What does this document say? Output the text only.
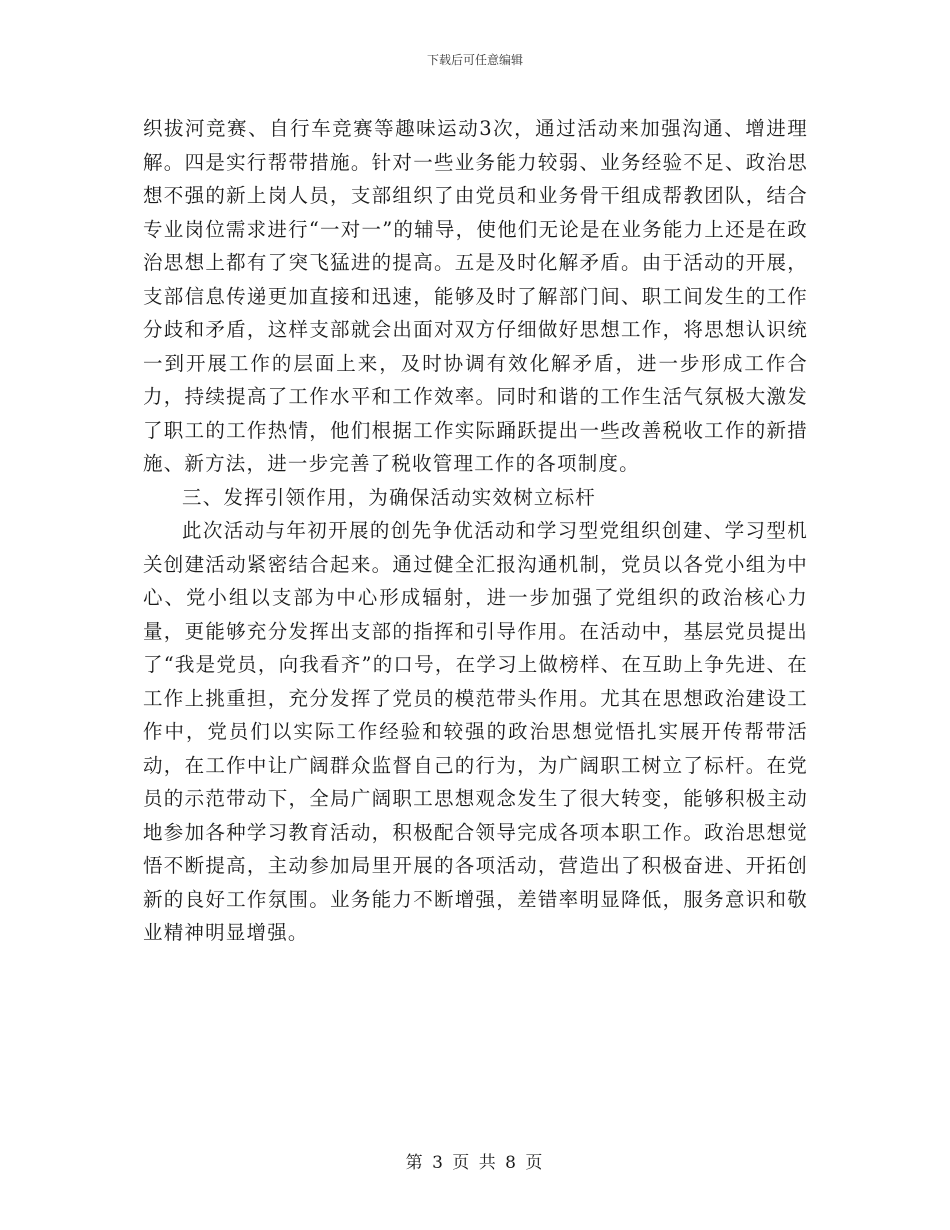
下载后可任意编辑

织拔河竞赛、自行车竞赛等趣味运动3次，通过活动来加强沟通、增进理解。四是实行帮带措施。针对一些业务能力较弱、业务经验不足、政治思想不强的新上岗人员，支部组织了由党员和业务骨干组成帮教团队，结合专业岗位需求进行“一对一”的辅导，使他们无论是在业务能力上还是在政治思想上都有了突飞猛进的提高。五是及时化解矛盾。由于活动的开展，支部信息传递更加直接和迅速，能够及时了解部门间、职工间发生的工作分歧和矛盾，这样支部就会出面对双方仔细做好思想工作，将思想认识统一到开展工作的层面上来，及时协调有效化解矛盾，进一步形成工作合力，持续提高了工作水平和工作效率。同时和谐的工作生活气氛极大激发了职工的工作热情，他们根据工作实际踊跃提出一些改善税收工作的新措施、新方法，进一步完善了税收管理工作的各项制度。

三、发挥引领作用，为确保活动实效树立标杆

此次活动与年初开展的创先争优活动和学习型党组织创建、学习型机关创建活动紧密结合起来。通过健全汇报沟通机制，党员以各党小组为中心、党小组以支部为中心形成辐射，进一步加强了党组织的政治核心力量，更能够充分发挥出支部的指挥和引导作用。在活动中，基层党员提出了“我是党员，向我看齐”的口号，在学习上做榜样、在互助上争先进、在工作上挑重担，充分发挥了党员的模范带头作用。尤其在思想政治建设工作中，党员们以实际工作经验和较强的政治思想觉悟扎实展开传帮带活动，在工作中让广阔群众监督自己的行为，为广阔职工树立了标杆。在党员的示范带动下，全局广阔职工思想观念发生了很大转变，能够积极主动地参加各种学习教育活动，积极配合领导完成各项本职工作。政治思想觉悟不断提高，主动参加局里开展的各项活动，营造出了积极奋进、开拓创新的良好工作氛围。业务能力不断增强，差错率明显降低，服务意识和敬业精神明显增强。

第 3 页 共 8 页
